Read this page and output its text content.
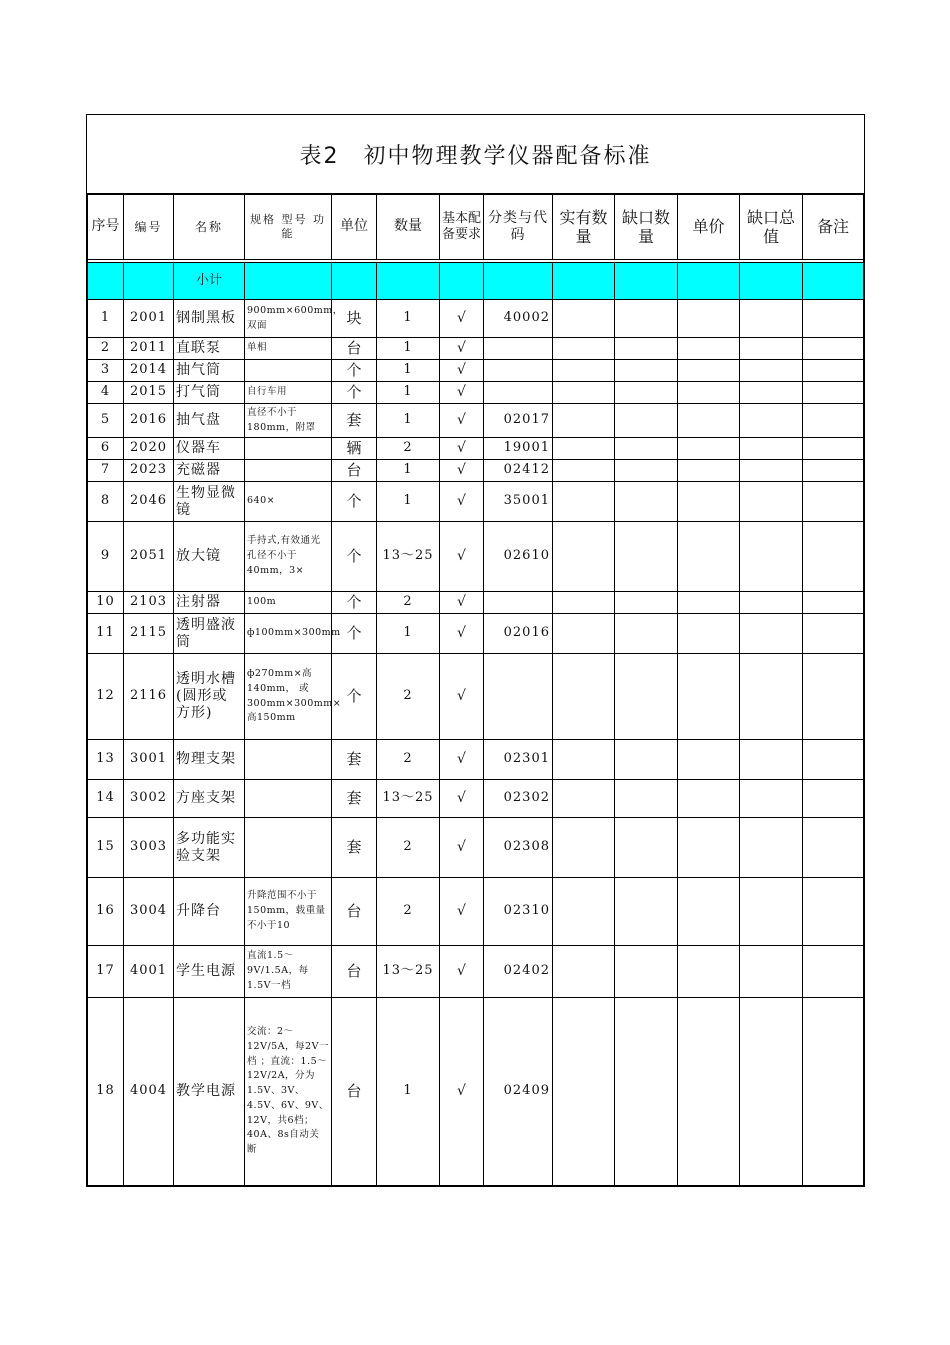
表2　初中物理教学仪器配备标准
序号	编号	名称	规格 型号 功能	单位	数量	基本配备要求	分类与代码	实有数量	缺口数量	单价	缺口总值	备注

		小计										
1	2001	钢制黑板	900mm×600mm，双面	块	1	√	40002					
2	2011	直联泵	单相	台	1	√						
3	2014	抽气筒		个	1	√						
4	2015	打气筒	自行车用	个	1	√						
5	2016	抽气盘	直径不小于180mm，附罩	套	1	√	02017					
6	2020	仪器车		辆	2	√	19001					
7	2023	充磁器		台	1	√	02412					
8	2046	生物显微镜	640×	个	1	√	35001					
9	2051	放大镜	手持式,有效通光孔径不小于40mm，3×	个	13～25	√	02610					
10	2103	注射器	100m	个	2	√						
11	2115	透明盛液筒	ф100mm×300mm	个	1	√	02016					
12	2116	透明水槽(圆形或方形)	ф270mm×高140mm， 或300mm×300mm×高150mm	个	2	√						
13	3001	物理支架		套	2	√	02301					
14	3002	方座支架		套	13～25	√	02302					
15	3003	多功能实验支架		套	2	√	02308					
16	3004	升降台	升降范围不小于150mm，载重量不小于10	台	2	√	02310					
17	4001	学生电源	直流1.5～9V/1.5A，每1.5V一档	台	13～25	√	02402					
18	4004	教学电源	交流：2～12V/5A，每2V一档 ；直流：1.5～12V/2A，分为1.5V、3V、4.5V、6V、9V、12V，共6档； 40A、8s自动关断	台	1	√	02409					
